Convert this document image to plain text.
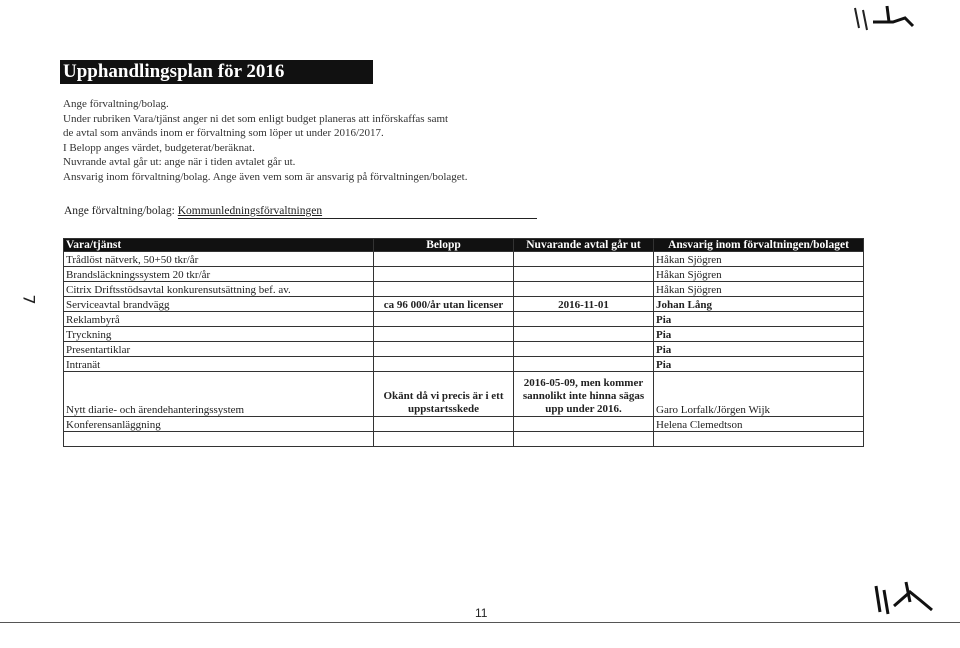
Upphandlingsplan för 2016
Ange förvaltning/bolag.
Under rubriken Vara/tjänst anger ni det som enligt budget planeras att införskaffas samt
de avtal som används inom er förvaltning som löper ut under 2016/2017.
I Belopp anges värdet, budgeterat/beräknat.
Nuvrande avtal går ut: ange när i tiden avtalet går ut.
Ansvarig inom förvaltning/bolag. Ange även vem som är ansvarig på förvaltningen/bolaget.
Ange förvaltning/bolag: Kommunledningsförvaltningen
Vara/tjänst	Belopp	Nuvarande avtal går ut	Ansvarig inom förvaltningen/bolaget
Trådlöst nätverk, 50+50 tkr/år			Håkan Sjögren
Brandsläckningssystem 20 tkr/år			Håkan Sjögren
Citrix Driftsstödsavtal konkurensutsättning bef. av.			Håkan Sjögren
Serviceavtal brandvägg	ca 96 000/år utan licenser	2016-11-01	Johan Lång
Reklambyrå			Pia
Tryckning			Pia
Presentartiklar			Pia
Intranät			Pia
Nytt diarie- och ärendehanteringssystem	Okänt då vi precis är i ett uppstartsskede	2016-05-09, men kommer sannolikt inte hinna sägas upp under 2016.	Garo Lorfalk/Jörgen Wijk
Konferensanläggning			Helena Clemedtson

7
11
